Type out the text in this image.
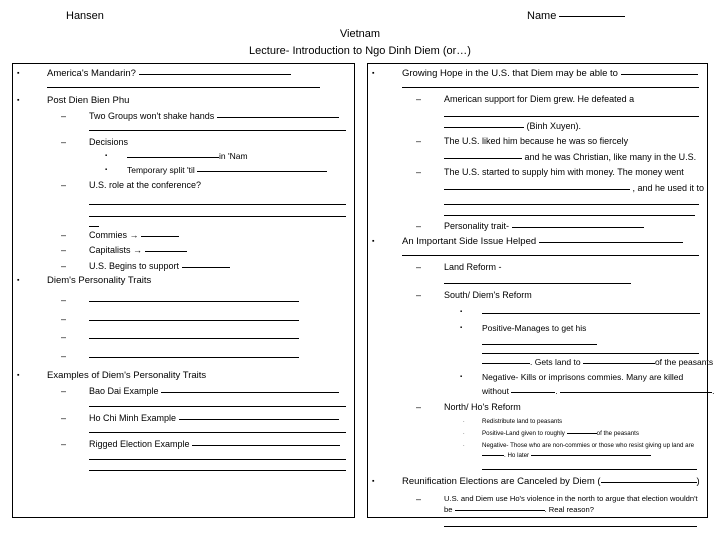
Hansen	Name
Vietnam
Lecture- Introduction to Ngo Dinh Diem (or…)
▪	America's Mandarin?
▪	Post Dien Bien Phu
–	Two Groups won't shake hands
–	Decisions
▪	in 'Nam
▪ Temporary split 'til
–	U.S. role at the conference?
–	Commies →
–	Capitalists →
–	U.S. Begins to support
▪	Diem's Personality Traits
–
–
–
–
▪	Examples of Diem's Personality Traits
–	Bao Dai Example
–	Ho Chi Minh Example
–	Rigged Election Example
▪	Growing Hope in the U.S. that Diem may be able to
–	American support for Diem grew. He defeated a
(Binh Xuyen).
–	The U.S. liked him because he was so fiercely
and he was Christian, like many in the U.S.
–	The U.S. started to supply him with money. The money went
, and he used it to
–	Personality trait-
▪	An Important Side Issue Helped
–	Land Reform -
–	South/ Diem's Reform
▪
▪ Positive-Manages to get his
. Gets land to	of the peasants
▪ Negative- Kills or imprisons commies. Many are killed
without	.	.
–	North/ Ho's Reform
·	Redistribute land to peasants
·	Positive-Land given to roughly	of the peasants
·	Negative- Those who are non-commies or those who resist giving up land are . Ho later
▪	Reunification Elections are Canceled by Diem (	)
–	U.S. and Diem use Ho's violence in the north to argue that election wouldn't be	. Real reason?
